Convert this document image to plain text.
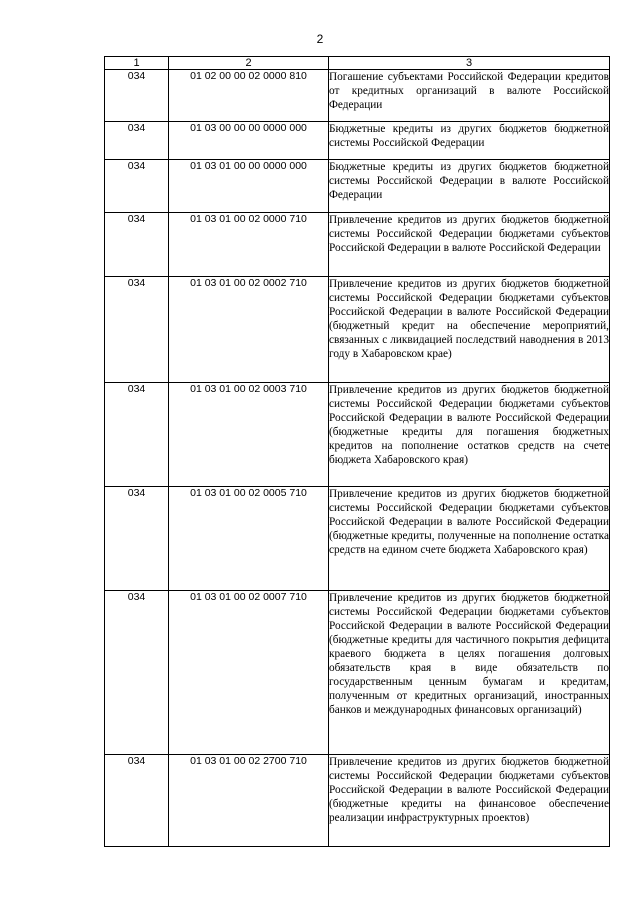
2
1	2	3
034	01 02 00 00 02 0000 810	Погашение субъектами Российской Федерации кредитов от кредитных организаций в валюте Российской Федерации

034	01 03 00 00 00 0000 000	Бюджетные кредиты из других бюджетов бюджетной системы Российской Федерации

034	01 03 01 00 00 0000 000	Бюджетные кредиты из других бюджетов бюджетной системы Российской Федерации в валюте Российской Федерации

034	01 03 01 00 02 0000 710	Привлечение кредитов из других бюджетов бюджетной системы Российской Федерации бюджетами субъектов Российской Федерации в валюте Российской Федерации

034	01 03 01 00 02 0002 710	Привлечение кредитов из других бюджетов бюджетной системы Российской Федерации бюджетами субъектов Российской Федерации в валюте Российской Федерации (бюджетный кредит на обеспечение мероприятий, связанных с ликвидацией последствий наводнения в 2013 году в Хабаровском крае)

034	01 03 01 00 02 0003 710	Привлечение кредитов из других бюджетов бюджетной системы Российской Федерации бюджетами субъектов Российской Федерации в валюте Российской Федерации (бюджетные кредиты для погашения бюджетных кредитов на пополнение остатков средств на счете бюджета Хабаровского края)

034	01 03 01 00 02 0005 710	Привлечение кредитов из других бюджетов бюджетной системы Российской Федерации бюджетами субъектов Российской Федерации в валюте Российской Федерации (бюджетные кредиты, полученные на пополнение остатка средств на едином счете бюджета Хабаровского края)

034	01 03 01 00 02 0007 710	Привлечение кредитов из других бюджетов бюджетной системы Российской Федерации бюджетами субъектов Российской Федерации в валюте Российской Федерации (бюджетные кредиты для частичного покрытия дефицита краевого бюджета в целях погашения долговых обязательств края в виде обязательств по государственным ценным бумагам и кредитам, полученным от кредитных организаций, иностранных банков и международных финансовых организаций)

034	01 03 01 00 02 2700 710	Привлечение кредитов из других бюджетов бюджетной системы Российской Федерации бюджетами субъектов Российской Федерации в валюте Российской Федерации (бюджетные кредиты на финансовое обеспечение реализации инфраструктурных проектов)
